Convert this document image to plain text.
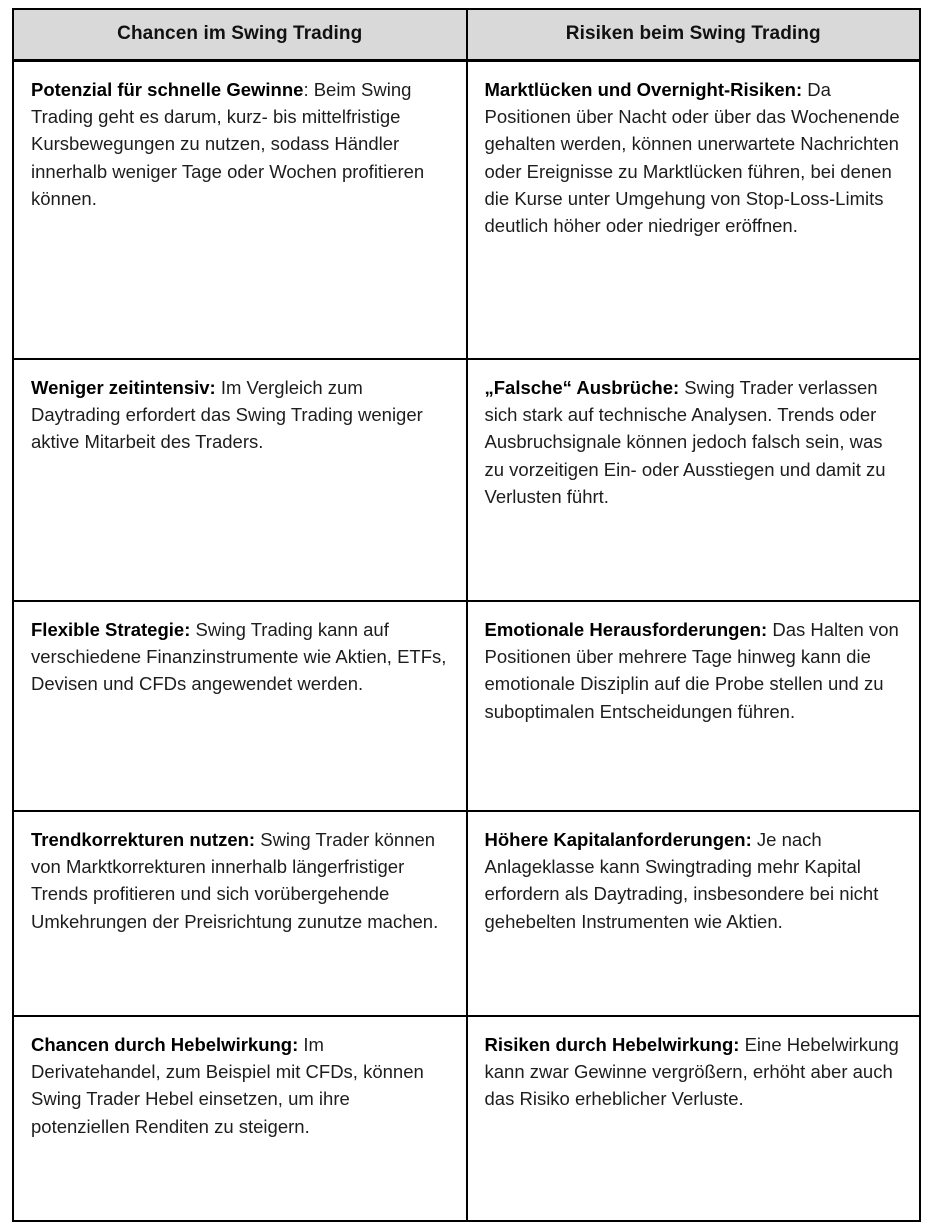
Chancen im Swing Trading	Risiken beim Swing Trading
Potenzial für schnelle Gewinne: Beim Swing Trading geht es darum, kurz- bis mittelfristige Kursbewegungen zu nutzen, sodass Händler innerhalb weniger Tage oder Wochen profitieren können.	Marktlücken und Overnight-Risiken: Da Positionen über Nacht oder über das Wochenende gehalten werden, können unerwartete Nachrichten oder Ereignisse zu Marktlücken führen, bei denen die Kurse unter Umgehung von Stop-Loss-Limits deutlich höher oder niedriger eröffnen.
Weniger zeitintensiv: Im Vergleich zum Daytrading erfordert das Swing Trading weniger aktive Mitarbeit des Traders.	„Falsche“ Ausbrüche: Swing Trader verlassen sich stark auf technische Analysen. Trends oder Ausbruchsignale können jedoch falsch sein, was zu vorzeitigen Ein- oder Ausstiegen und damit zu Verlusten führt.
Flexible Strategie: Swing Trading kann auf verschiedene Finanzinstrumente wie Aktien, ETFs, Devisen und CFDs angewendet werden.	Emotionale Herausforderungen: Das Halten von Positionen über mehrere Tage hinweg kann die emotionale Disziplin auf die Probe stellen und zu suboptimalen Entscheidungen führen.
Trendkorrekturen nutzen: Swing Trader können von Marktkorrekturen innerhalb längerfristiger Trends profitieren und sich vorübergehende Umkehrungen der Preisrichtung zunutze machen.	Höhere Kapitalanforderungen: Je nach Anlageklasse kann Swingtrading mehr Kapital erfordern als Daytrading, insbesondere bei nicht gehebelten Instrumenten wie Aktien.
Chancen durch Hebelwirkung: Im Derivatehandel, zum Beispiel mit CFDs, können Swing Trader Hebel einsetzen, um ihre potenziellen Renditen zu steigern.	Risiken durch Hebelwirkung: Eine Hebelwirkung kann zwar Gewinne vergrößern, erhöht aber auch das Risiko erheblicher Verluste.
